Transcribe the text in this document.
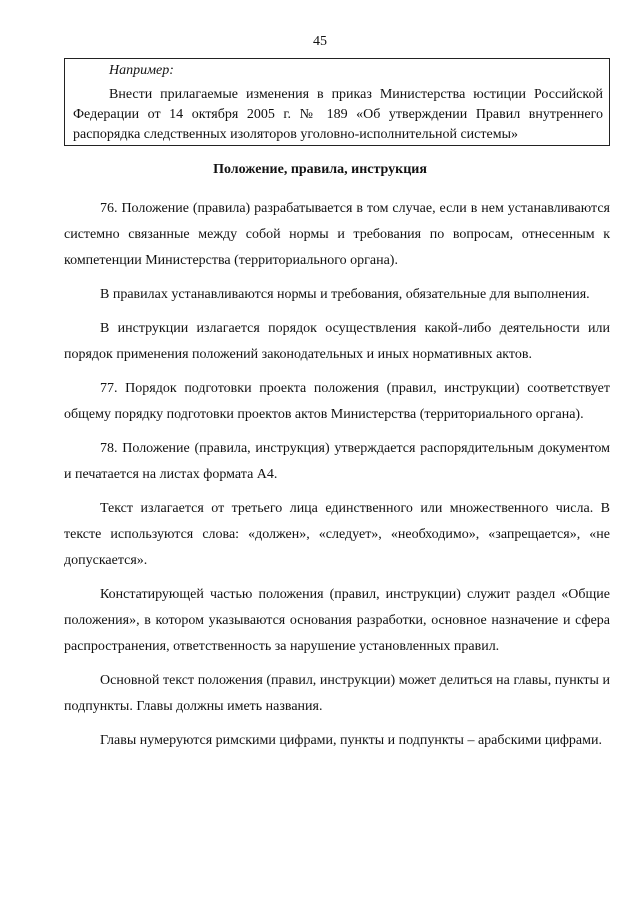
45
Например:
Внести прилагаемые изменения в приказ Министерства юстиции Российской Федерации от 14 октября 2005 г. № 189 «Об утверждении Правил внутреннего распорядка следственных изоляторов уголовно-исполнительной системы»
Положение, правила, инструкция

76. Положение (правила) разрабатывается в том случае, если в нем устанавливаются системно связанные между собой нормы и требования по вопросам, отнесенным к компетенции Министерства (территориального органа).

В правилах устанавливаются нормы и требования, обязательные для выполнения.

В инструкции излагается порядок осуществления какой-либо деятельности или порядок применения положений законодательных и иных нормативных актов.

77. Порядок подготовки проекта положения (правил, инструкции) соответствует общему порядку подготовки проектов актов Министерства (территориального органа).

78. Положение (правила, инструкция) утверждается распорядительным документом и печатается на листах формата А4.

Текст излагается от третьего лица единственного или множественного числа. В тексте используются слова: «должен», «следует», «необходимо», «запрещается», «не допускается».

Констатирующей частью положения (правил, инструкции) служит раздел «Общие положения», в котором указываются основания разработки, основное назначение и сфера распространения, ответственность за нарушение установленных правил.

Основной текст положения (правил, инструкции) может делиться на главы, пункты и подпункты. Главы должны иметь названия.

Главы нумеруются римскими цифрами, пункты и подпункты – арабскими цифрами.
